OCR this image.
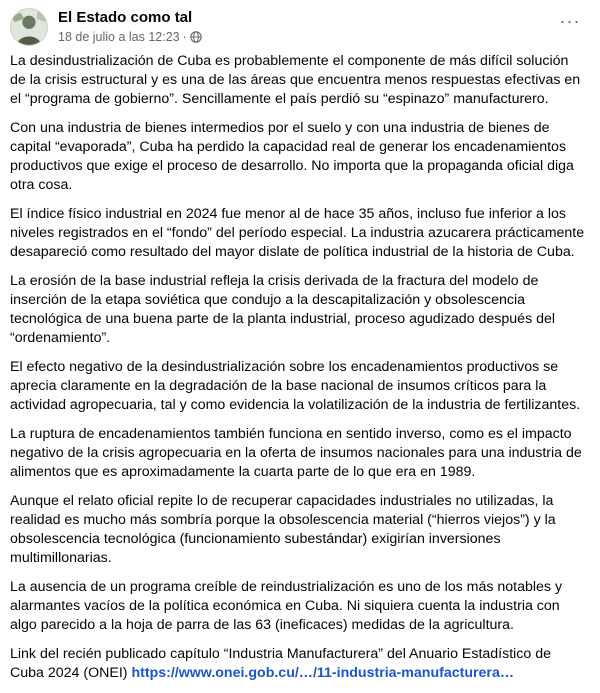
El Estado como tal
18 de julio a las 12:23 ·
···

La desindustrialización de Cuba es probablemente el componente de más difícil solución de la crisis estructural y es una de las áreas que encuentra menos respuestas efectivas en el “programa de gobierno”. Sencillamente el país perdió su “espinazo” manufacturero.

Con una industria de bienes intermedios por el suelo y con una industria de bienes de capital “evaporada”, Cuba ha perdido la capacidad real de generar los encadenamientos productivos que exige el proceso de desarrollo. No importa que la propaganda oficial diga otra cosa.

El índice físico industrial en 2024 fue menor al de hace 35 años, incluso fue inferior a los niveles registrados en el “fondo” del período especial. La industria azucarera prácticamente desapareció como resultado del mayor dislate de política industrial de la historia de Cuba.

La erosión de la base industrial refleja la crisis derivada de la fractura del modelo de inserción de la etapa soviética que condujo a la descapitalización y obsolescencia tecnológica de una buena parte de la planta industrial, proceso agudizado después del “ordenamiento”.

El efecto negativo de la desindustrialización sobre los encadenamientos productivos se aprecia claramente en la degradación de la base nacional de insumos críticos para la actividad agropecuaria, tal y como evidencia la volatilización de la industria de fertilizantes.

La ruptura de encadenamientos también funciona en sentido inverso, como es el impacto negativo de la crisis agropecuaria en la oferta de insumos nacionales para una industria de alimentos que es aproximadamente la cuarta parte de lo que era en 1989.

Aunque el relato oficial repite lo de recuperar capacidades industriales no utilizadas, la realidad es mucho más sombría porque la obsolescencia material (“hierros viejos”) y la obsolescencia tecnológica (funcionamiento subestándar) exigirían inversiones multimillonarias.

La ausencia de un programa creíble de reindustrialización es uno de los más notables y alarmantes vacíos de la política económica en Cuba. Ni siquiera cuenta la industria con algo parecido a la hoja de parra de las 63 (ineficaces) medidas de la agricultura.

Link del recién publicado capítulo “Industria Manufacturera” del Anuario Estadístico de Cuba 2024 (ONEI) https://www.onei.gob.cu/…/11-industria-manufacturera…
